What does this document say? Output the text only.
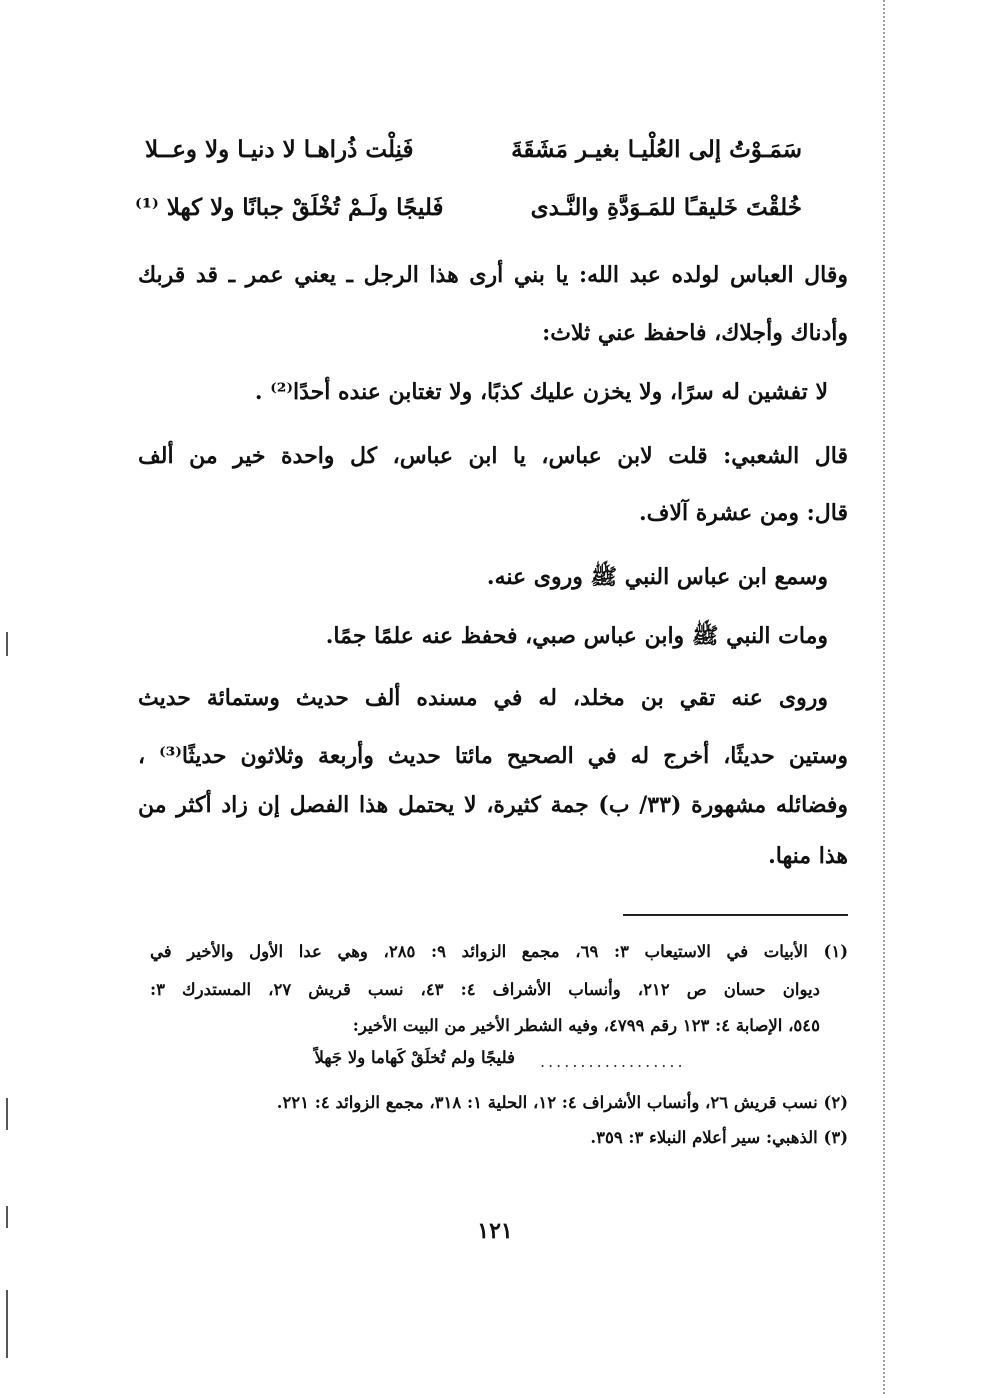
سَمَـوْتُ إلى العُلْيـا بغيـر مَشَقَةَ
فَنِلْت ذُراهـا لا دنيـا ولا وعــلا
خُلقْتَ خَليقـًا للمَـوَدَّةِ والنَّـدى
فَليجًا ولَـمْ تُخْلَقْ جبانًا ولا كهلا ⁽¹⁾
وقال العباس لولده عبد الله: يا بني أرى هذا الرجل ـ يعني عمر ـ قد قربك
وأدناك وأجلاك، فاحفظ عني ثلاث:
لا تفشين له سرًا، ولا يخزن عليك كذبًا، ولا تغتابن عنده أحدًا⁽²⁾ .
قال الشعبي: قلت لابن عباس، يا ابن عباس، كل واحدة خير من ألف
قال: ومن عشرة آلاف.
وسمع ابن عباس النبي ﷺ وروى عنه.
ومات النبي ﷺ وابن عباس صبي، فحفظ عنه علمًا جمًا.
وروى عنه تقي بن مخلد، له في مسنده ألف حديث وستمائة حديث
وستين حديثًا، أخرج له في الصحيح مائتا حديث وأربعة وثلاثون حديثًا⁽³⁾ ،
وفضائله مشهورة (٣٣/ ب) جمة كثيرة، لا يحتمل هذا الفصل إن زاد أكثر من
هذا منها.
(١) الأبيات في الاستيعاب ٣: ٦٩، مجمع الزوائد ٩: ٢٨٥، وهي عدا الأول والأخير في
ديوان حسان ص ٢١٢، وأنساب الأشراف ٤: ٤٣، نسب قريش ٢٧، المستدرك ٣:
٥٤٥، الإصابة ٤: ١٢٣ رقم ٤٧٩٩، وفيه الشطر الأخير من البيت الأخير:
..................
فليجًا ولم تُخلَقْ كَهاما ولا جَهلاً
(٢) نسب قريش ٢٦، وأنساب الأشراف ٤: ١٢، الحلية ١: ٣١٨، مجمع الزوائد ٤: ٢٢١.
(٣) الذهبي: سير أعلام النبلاء ٣: ٣٥٩.
١٢١
